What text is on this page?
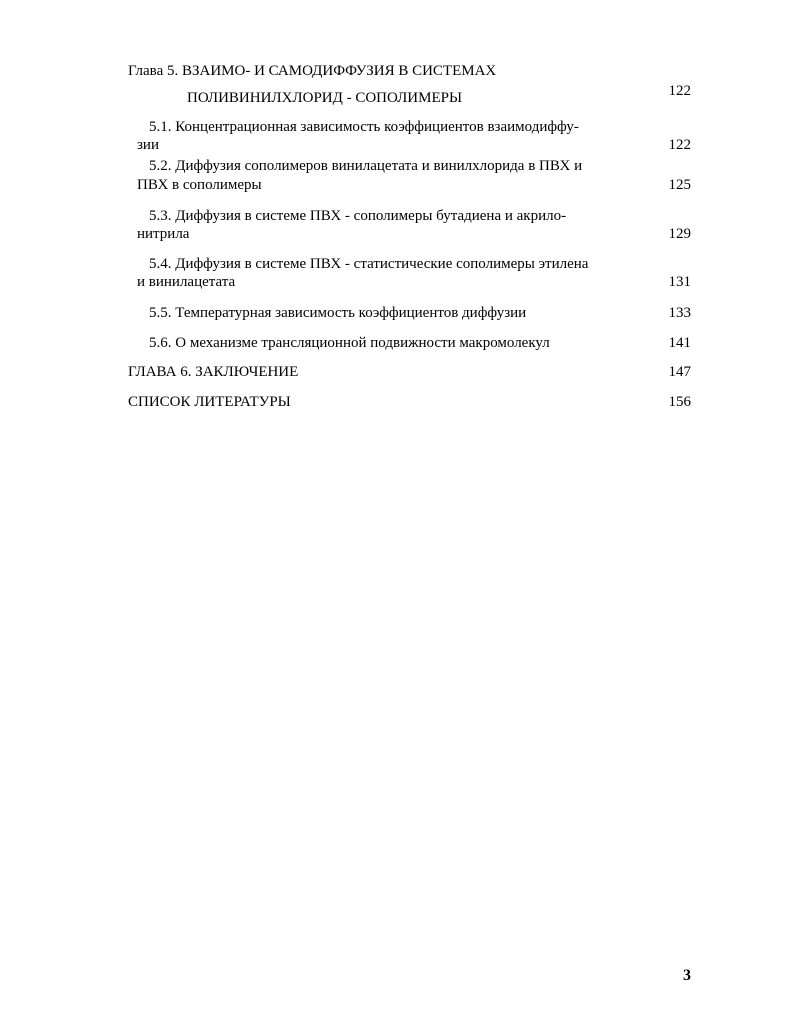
Глава 5. ВЗАИМО- И САМОДИФФУЗИЯ В СИСТЕМАХ
ПОЛИВИНИЛХЛОРИД - СОПОЛИМЕРЫ	122
5.1. Концентрационная зависимость коэффициентов взаимодиффу-
зии	122
5.2. Диффузия сополимеров винилацетата и винилхлорида в ПВХ и
ПВХ в сополимеры	125
5.3. Диффузия в системе ПВХ - сополимеры бутадиена и акрило-
нитрила	129
5.4. Диффузия в системе ПВХ - статистические сополимеры этилена
и винилацетата	131
5.5. Температурная зависимость коэффициентов диффузии	133
5.6. О механизме трансляционной подвижности макромолекул	141
ГЛАВА 6. ЗАКЛЮЧЕНИЕ	147
СПИСОК ЛИТЕРАТУРЫ	156
3
